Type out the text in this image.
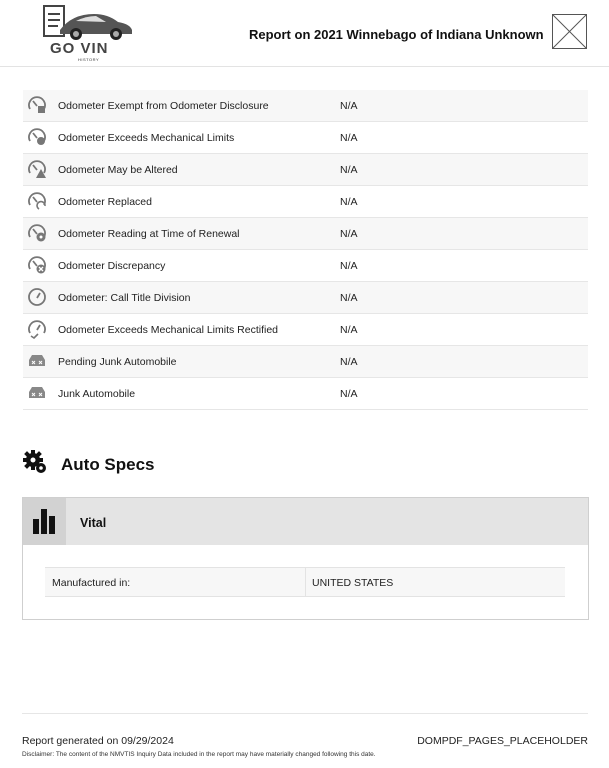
GO VIN
HISTORY
Report on 2021 Winnebago of Indiana Unknown
Odometer Exempt from Odometer Disclosure	N/A
Odometer Exceeds Mechanical Limits	N/A
Odometer May be Altered	N/A
Odometer Replaced	N/A
Odometer Reading at Time of Renewal	N/A
Odometer Discrepancy	N/A
Odometer: Call Title Division	N/A
Odometer Exceeds Mechanical Limits Rectified	N/A
Pending Junk Automobile	N/A
Junk Automobile	N/A
Auto Specs
Vital
Manufactured in:	UNITED STATES
Report generated on 09/29/2024	DOMPDF_PAGES_PLACEHOLDER
Disclaimer: The content of the NMVTIS Inquiry Data included in the report may have materially changed following this date.
